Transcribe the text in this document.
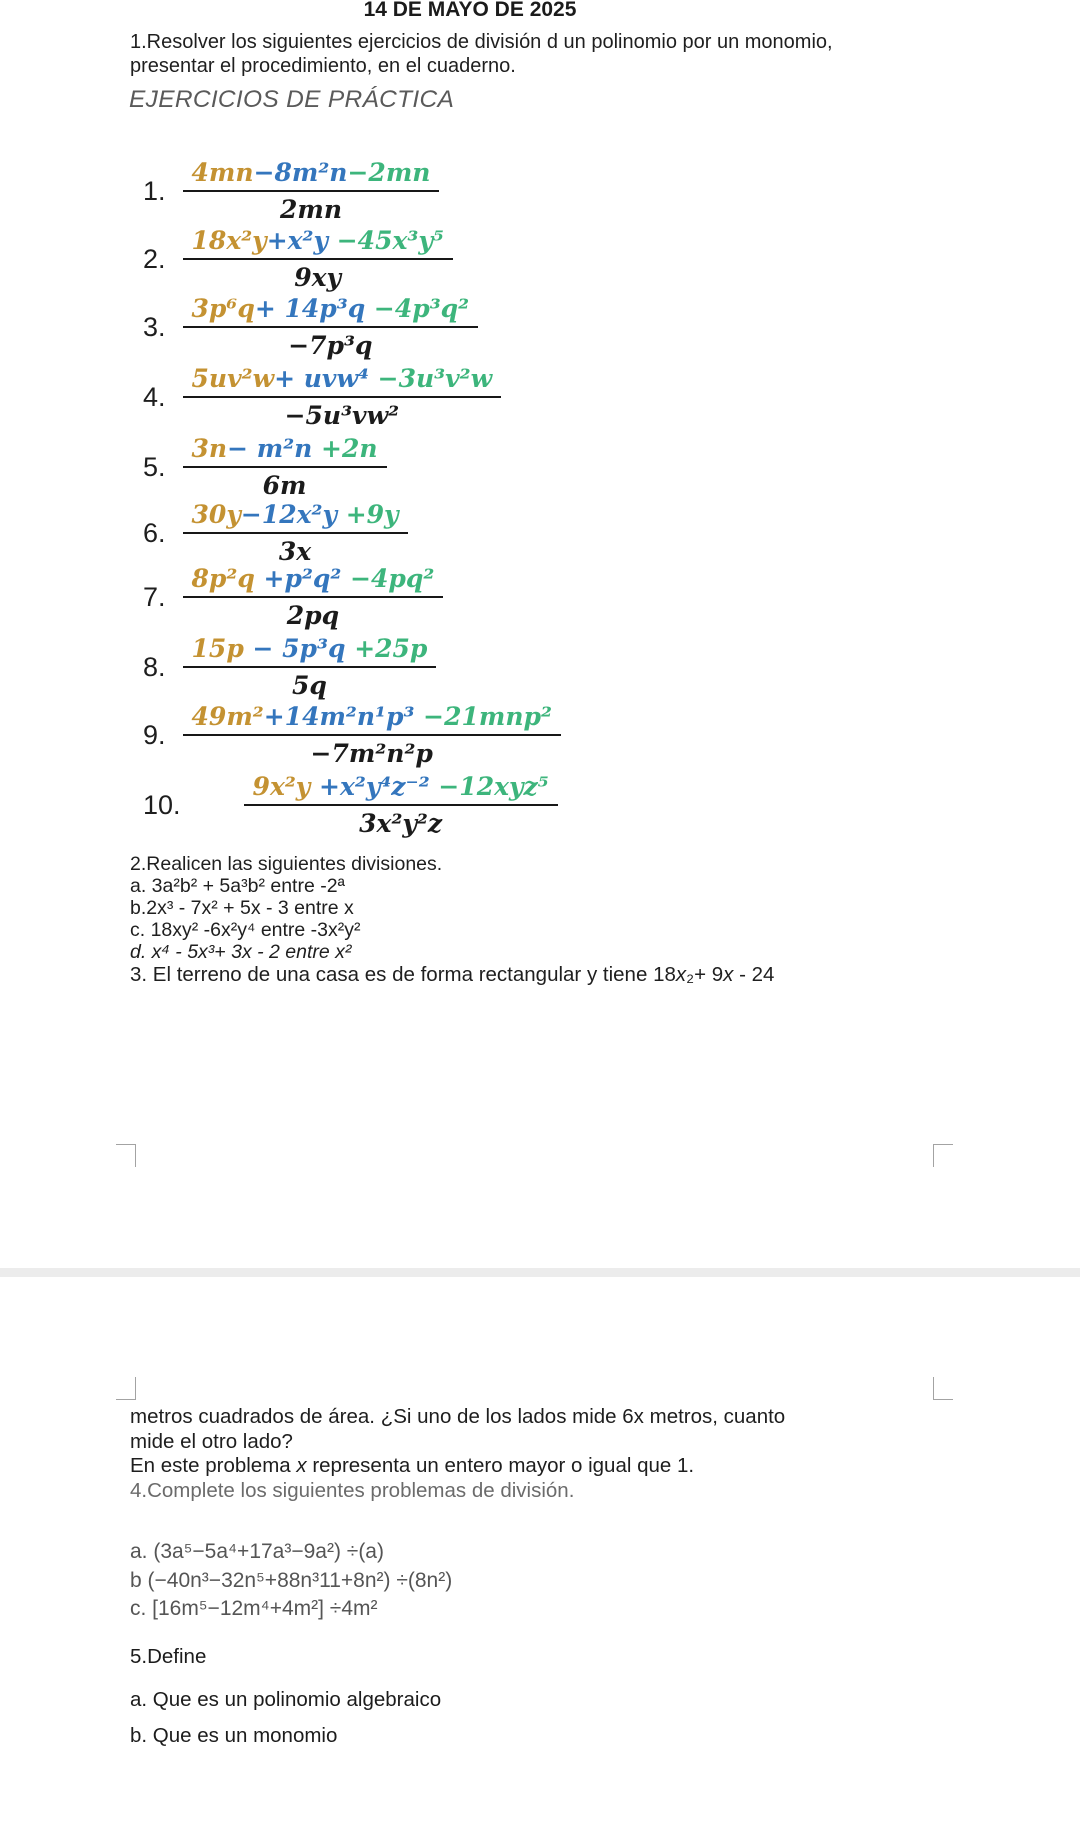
14 DE MAYO DE 2025
1.Resolver los siguientes ejercicios de división d un polinomio por un monomio,
presentar el procedimiento, en el cuaderno.
EJERCICIOS DE PRÁCTICA
1. $\frac{\text{4mn−8m²n−2mn}}{2mn}$
2. $\frac{\text{18x²y+x²y −45x³y⁵}}{9xy}$
3. $\frac{\text{3p⁶q+ 14p³q −4p³q²}}{\text{−7p³q}}$
4. $\frac{\text{5uv²w+ uvw⁴ −3u³v²w}}{\text{−5u³vw²}}$
5. $\frac{\text{3n− m²n +2n}}{6m}$
6. $\frac{\text{30y−12x²y +9y}}{3x}$
7. $\frac{\text{8p²q +p²q² −4pq²}}{2pq}$
8. $\frac{\text{15p − 5p³q +25p}}{5q}$
9. $\frac{\text{49m²+14m²n¹p³ −21mnp²}}{\text{−7m²n²p}}$
10.	$\frac{\text{9x²y +x²y⁴z⁻² −12xyz⁵}}{\text{3x²y²z}}$
2.Realicen las siguientes divisiones.
a. 3a²b² + 5a³b² entre -2ª
b.2x³ - 7x² + 5x - 3 entre x
c. 18xy² -6x²y⁴ entre -3x²y²
d. x⁴ - 5x³+ 3x - 2 entre x²
3. El terreno de una casa es de forma rectangular y tiene 18x₂+ 9x - 24
metros cuadrados de área. ¿Si uno de los lados mide 6x metros, cuanto
mide el otro lado?
En este problema x representa un entero mayor o igual que 1.
4.Complete los siguientes problemas de división.
a. (3a⁵−5a⁴+17a³−9a²) ÷(a)
b (−40n³−32n⁵+88n³11+8n²) ÷(8n²)
c. [16m⁵−12m⁴+4m²] ÷4m²
5.Define
a. Que es un polinomio algebraico
b. Que es un monomio
